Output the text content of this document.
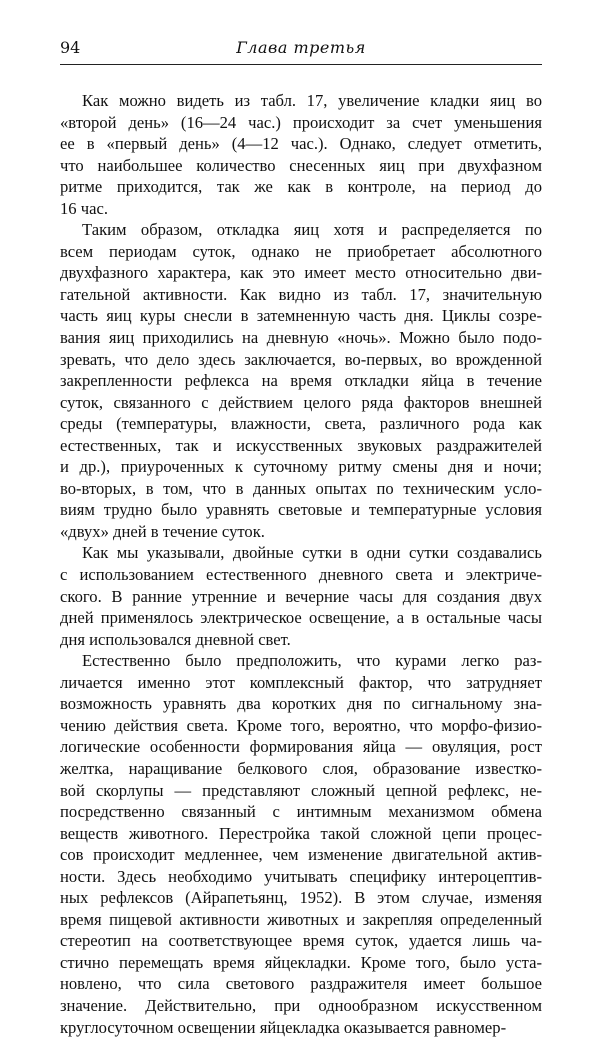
94	Глава третья

Как можно видеть из табл. 17, увеличение кладки яиц во
«второй день» (16—24 час.) происходит за счет уменьшения
ее в «первый день» (4—12 час.). Однако, следует отметить,
что наибольшее количество снесенных яиц при двухфазном
ритме приходится, так же как в контроле, на период до
16 час.

Таким образом, откладка яиц хотя и распределяется по
всем периодам суток, однако не приобретает абсолютного
двухфазного характера, как это имеет место относительно дви-
гательной активности. Как видно из табл. 17, значительную
часть яиц куры снесли в затемненную часть дня. Циклы созре-
вания яиц приходились на дневную «ночь». Можно было подо-
зревать, что дело здесь заключается, во-первых, во врожденной
закрепленности рефлекса на время откладки яйца в течение
суток, связанного с действием целого ряда факторов внешней
среды (температуры, влажности, света, различного рода как
естественных, так и искусственных звуковых раздражителей
и др.), приуроченных к суточному ритму смены дня и ночи;
во-вторых, в том, что в данных опытах по техническим усло-
виям трудно было уравнять световые и температурные условия
«двух» дней в течение суток.

Как мы указывали, двойные сутки в одни сутки создавались
с использованием естественного дневного света и электриче-
ского. В ранние утренние и вечерние часы для создания двух
дней применялось электрическое освещение, а в остальные часы
дня использовался дневной свет.

Естественно было предположить, что курами легко раз-
личается именно этот комплексный фактор, что затрудняет
возможность уравнять два коротких дня по сигнальному зна-
чению действия света. Кроме того, вероятно, что морфо-физио-
логические особенности формирования яйца — овуляция, рост
желтка, наращивание белкового слоя, образование известко-
вой скорлупы — представляют сложный цепной рефлекс, не-
посредственно связанный с интимным механизмом обмена
веществ животного. Перестройка такой сложной цепи процес-
сов происходит медленнее, чем изменение двигательной актив-
ности. Здесь необходимо учитывать специфику интероцептив-
ных рефлексов (Айрапетьянц, 1952). В этом случае, изменяя
время пищевой активности животных и закрепляя определенный
стереотип на соответствующее время суток, удается лишь ча-
стично перемещать время яйцекладки. Кроме того, было уста-
новлено, что сила светового раздражителя имеет большое
значение. Действительно, при однообразном искусственном
круглосуточном освещении яйцекладка оказывается равномер-
